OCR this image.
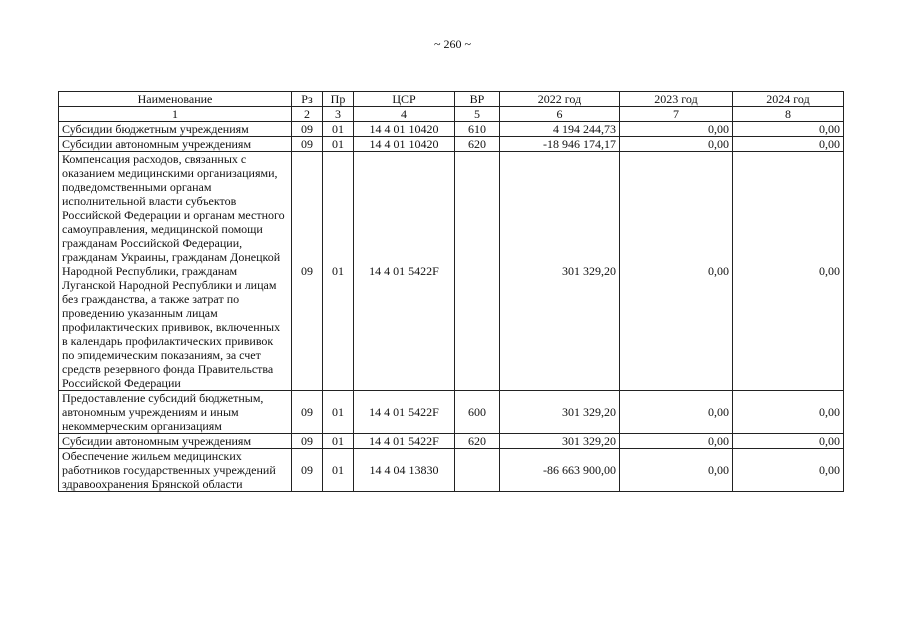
~ 260 ~
Наименование	Рз	Пр	ЦСР	ВР	2022 год	2023 год	2024 год
1	2	3	4	5	6	7	8
Субсидии бюджетным учреждениям	09	01	14 4 01 10420	610	4 194 244,73	0,00	0,00
Субсидии автономным учреждениям	09	01	14 4 01 10420	620	-18 946 174,17	0,00	0,00
Компенсация расходов, связанных с оказанием медицинскими организациями, подведомственными органам исполнительной власти субъектов Российской Федерации и органам местного самоуправления, медицинской помощи гражданам Российской Федерации, гражданам Украины, гражданам Донецкой Народной Республики, гражданам Луганской Народной Республики и лицам без гражданства, а также затрат по проведению указанным лицам профилактических прививок, включенных в календарь профилактических прививок по эпидемическим показаниям, за счет средств резервного фонда Правительства Российской Федерации	09	01	14 4 01 5422F		301 329,20	0,00	0,00
Предоставление субсидий бюджетным, автономным учреждениям и иным некоммерческим организациям	09	01	14 4 01 5422F	600	301 329,20	0,00	0,00
Субсидии автономным учреждениям	09	01	14 4 01 5422F	620	301 329,20	0,00	0,00
Обеспечение жильем медицинских работников государственных учреждений здравоохранения Брянской области	09	01	14 4 04 13830		-86 663 900,00	0,00	0,00
